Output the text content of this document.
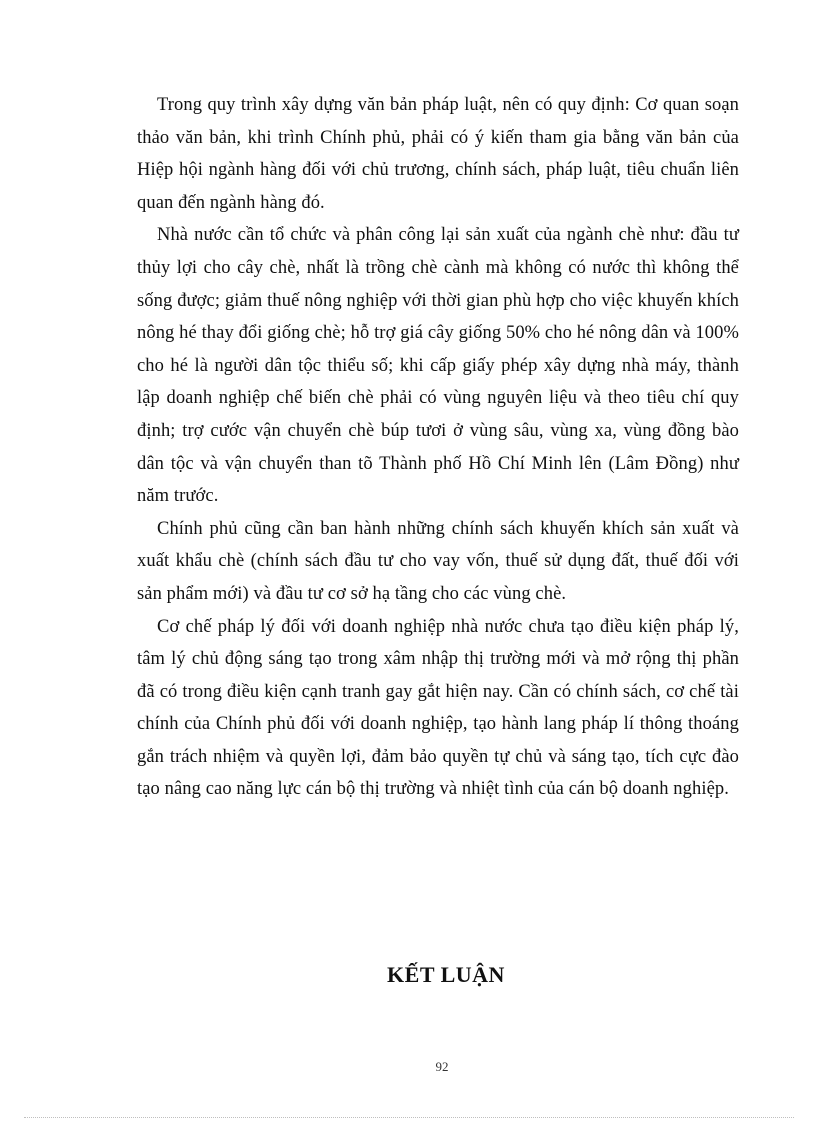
Trong quy trình xây dựng văn bản pháp luật, nên có quy định: Cơ quan soạn thảo văn bản, khi trình Chính phủ, phải có ý kiến tham gia bằng văn bản của Hiệp hội ngành hàng đối với chủ trương, chính sách, pháp luật, tiêu chuẩn liên quan đến ngành hàng đó.

Nhà nước cần tổ chức và phân công lại sản xuất của ngành chè như: đầu tư thủy lợi cho cây chè, nhất là trồng chè cành mà không có nước thì không thể sống được; giảm thuế nông nghiệp với thời gian phù hợp cho việc khuyến khích nông hé thay đổi giống chè; hỗ trợ giá cây giống 50% cho hé nông dân và 100% cho hé là người dân tộc thiểu số; khi cấp giấy phép xây dựng nhà máy, thành lập doanh nghiệp chế biến chè phải có vùng nguyên liệu và theo tiêu chí quy định; trợ cước vận chuyển chè búp tươi ở vùng sâu, vùng xa, vùng đồng bào dân tộc và vận chuyển than tõ Thành phố Hồ Chí Minh lên (Lâm Đồng) như năm trước.

Chính phủ cũng cần ban hành những chính sách khuyến khích sản xuất và xuất khẩu chè (chính sách đầu tư cho vay vốn, thuế sử dụng đất, thuế đối với sản phẩm mới) và đầu tư cơ sở hạ tầng cho các vùng chè.

Cơ chế pháp lý đối với doanh nghiệp nhà nước chưa tạo điều kiện pháp lý, tâm lý chủ động sáng tạo trong xâm nhập thị trường mới và mở rộng thị phần đã có trong điều kiện cạnh tranh gay gắt hiện nay. Cần có chính sách, cơ chế tài chính của Chính phủ đối với doanh nghiệp, tạo hành lang pháp lí thông thoáng gắn trách nhiệm và quyền lợi, đảm bảo quyền tự chủ và sáng tạo, tích cực đào tạo nâng cao năng lực cán bộ thị trường và nhiệt tình của cán bộ doanh nghiệp.

KẾT LUẬN

92
